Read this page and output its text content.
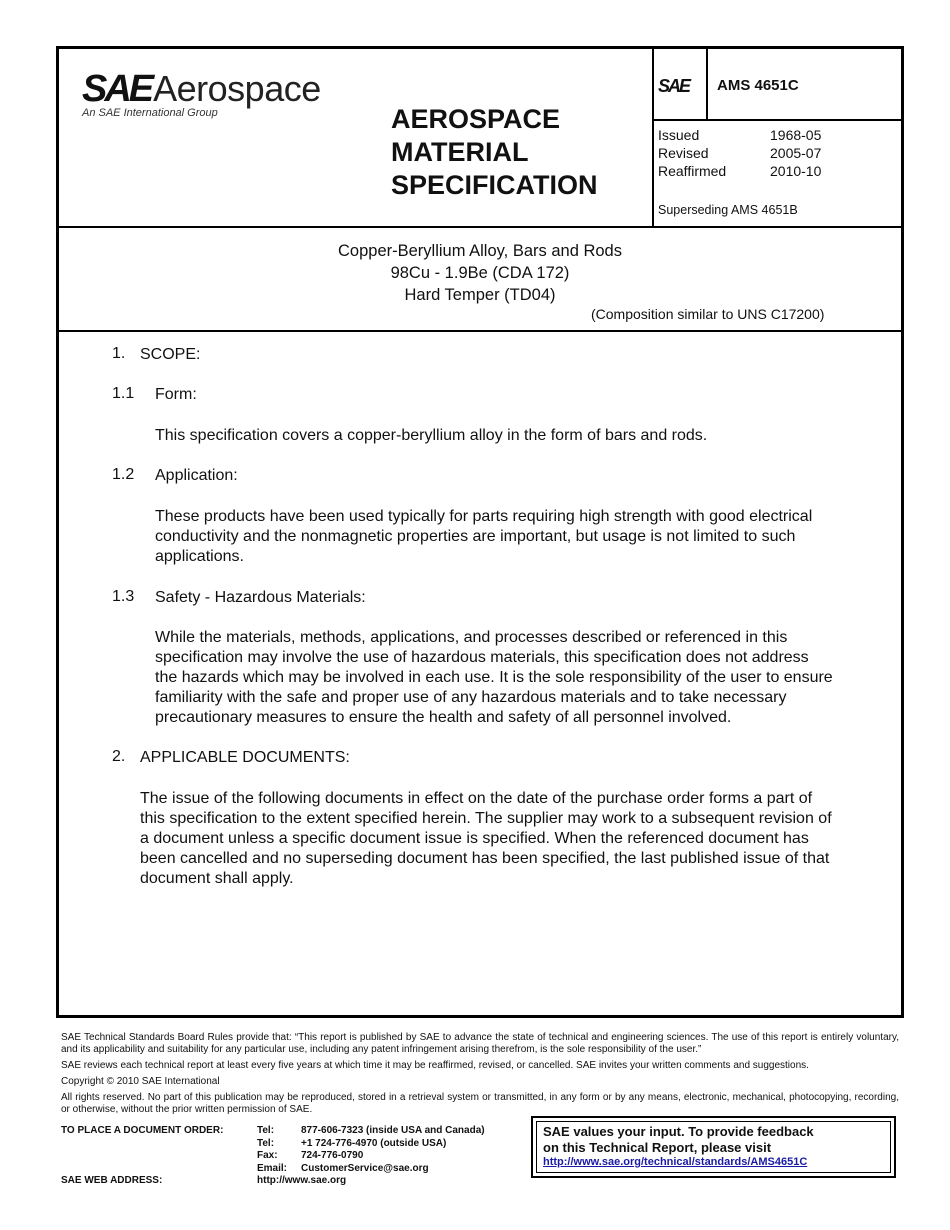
SAEAerospace
An SAE International Group	AEROSPACE
MATERIAL
SPECIFICATION
SAE AMS 4651C
Issued	1968-05
Revised	2005-07
Reaffirmed	2010-10
Superseding AMS 4651B
Copper-Beryllium Alloy, Bars and Rods
98Cu - 1.9Be (CDA 172)
Hard Temper (TD04)
(Composition similar to UNS C17200)
1. SCOPE:
1.1 Form:
This specification covers a copper-beryllium alloy in the form of bars and rods.
1.2 Application:
These products have been used typically for parts requiring high strength with good electrical
conductivity and the nonmagnetic properties are important, but usage is not limited to such
applications.
1.3 Safety - Hazardous Materials:
While the materials, methods, applications, and processes described or referenced in this
specification may involve the use of hazardous materials, this specification does not address
the hazards which may be involved in each use. It is the sole responsibility of the user to ensure
familiarity with the safe and proper use of any hazardous materials and to take necessary
precautionary measures to ensure the health and safety of all personnel involved.
2. APPLICABLE DOCUMENTS:
The issue of the following documents in effect on the date of the purchase order forms a part of
this specification to the extent specified herein. The supplier may work to a subsequent revision of
a document unless a specific document issue is specified. When the referenced document has
been cancelled and no superseding document has been specified, the last published issue of that
document shall apply.

SAE Technical Standards Board Rules provide that: “This report is published by SAE to advance the state of technical and engineering sciences. The use of this report is entirely voluntary, and its applicability and suitability for any particular use, including any patent infringement arising therefrom, is the sole responsibility of the user.”

SAE reviews each technical report at least every five years at which time it may be reaffirmed, revised, or cancelled. SAE invites your written comments and suggestions.

Copyright © 2010 SAE International

All rights reserved. No part of this publication may be reproduced, stored in a retrieval system or transmitted, in any form or by any means, electronic, mechanical, photocopying, recording, or otherwise, without the prior written permission of SAE.

TO PLACE A DOCUMENT ORDER:	Tel:	877-606-7323 (inside USA and Canada)
Tel:	+1 724-776-4970 (outside USA)
Fax:	724-776-0790
Email:	CustomerService@sae.org
SAE WEB ADDRESS:	http://www.sae.org
SAE values your input. To provide feedback
on this Technical Report, please visit
http://www.sae.org/technical/standards/AMS4651C
